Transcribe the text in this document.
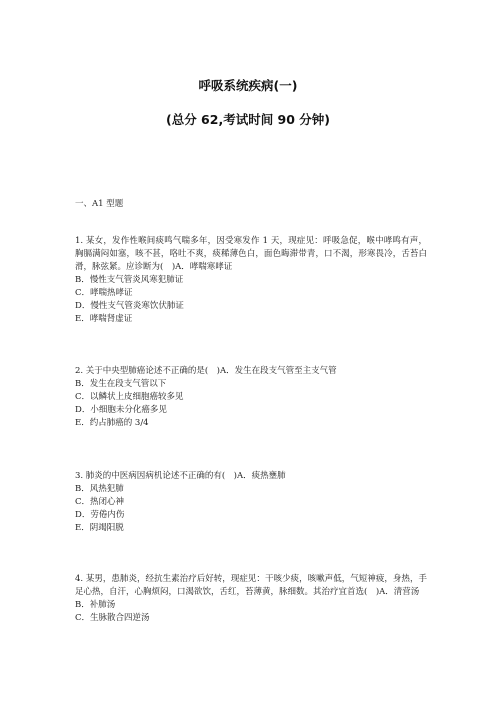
呼吸系统疾病(一)
(总分 62,考试时间 90 分钟)
一、A1 型题
1. 某女，发作性喉间痰鸣气喘多年，因受寒发作 1 天，现症见：呼吸急促，喉中哮鸣有声，胸膈满闷如塞，咳不甚，咯吐不爽，痰稀薄色白，面色晦滞带青，口不渴，形寒畏冷，舌苔白滑，脉弦紧。应诊断为(　)A．哮喘寒哮证
B．慢性支气管炎风寒犯肺证
C．哮喘热哮证
D．慢性支气管炎寒饮伏肺证
E．哮喘肾虚证
2. 关于中央型肺癌论述不正确的是(　)A．发生在段支气管至主支气管
B．发生在段支气管以下
C．以鳞状上皮细胞癌较多见
D．小细胞未分化癌多见
E．约占肺癌的 3/4
3. 肺炎的中医病因病机论述不正确的有(　)A．痰热壅肺
B．风热犯肺
C．热闭心神
D．劳倦内伤
E．阴竭阳脱
4. 某男，患肺炎，经抗生素治疗后好转，现症见：干咳少痰，咳嗽声低，气短神疲，身热，手足心热，自汗，心胸烦闷，口渴欲饮，舌红，苔薄黄，脉细数。其治疗宜首选(　)A．清营汤
B．补肺汤
C．生脉散合四逆汤
